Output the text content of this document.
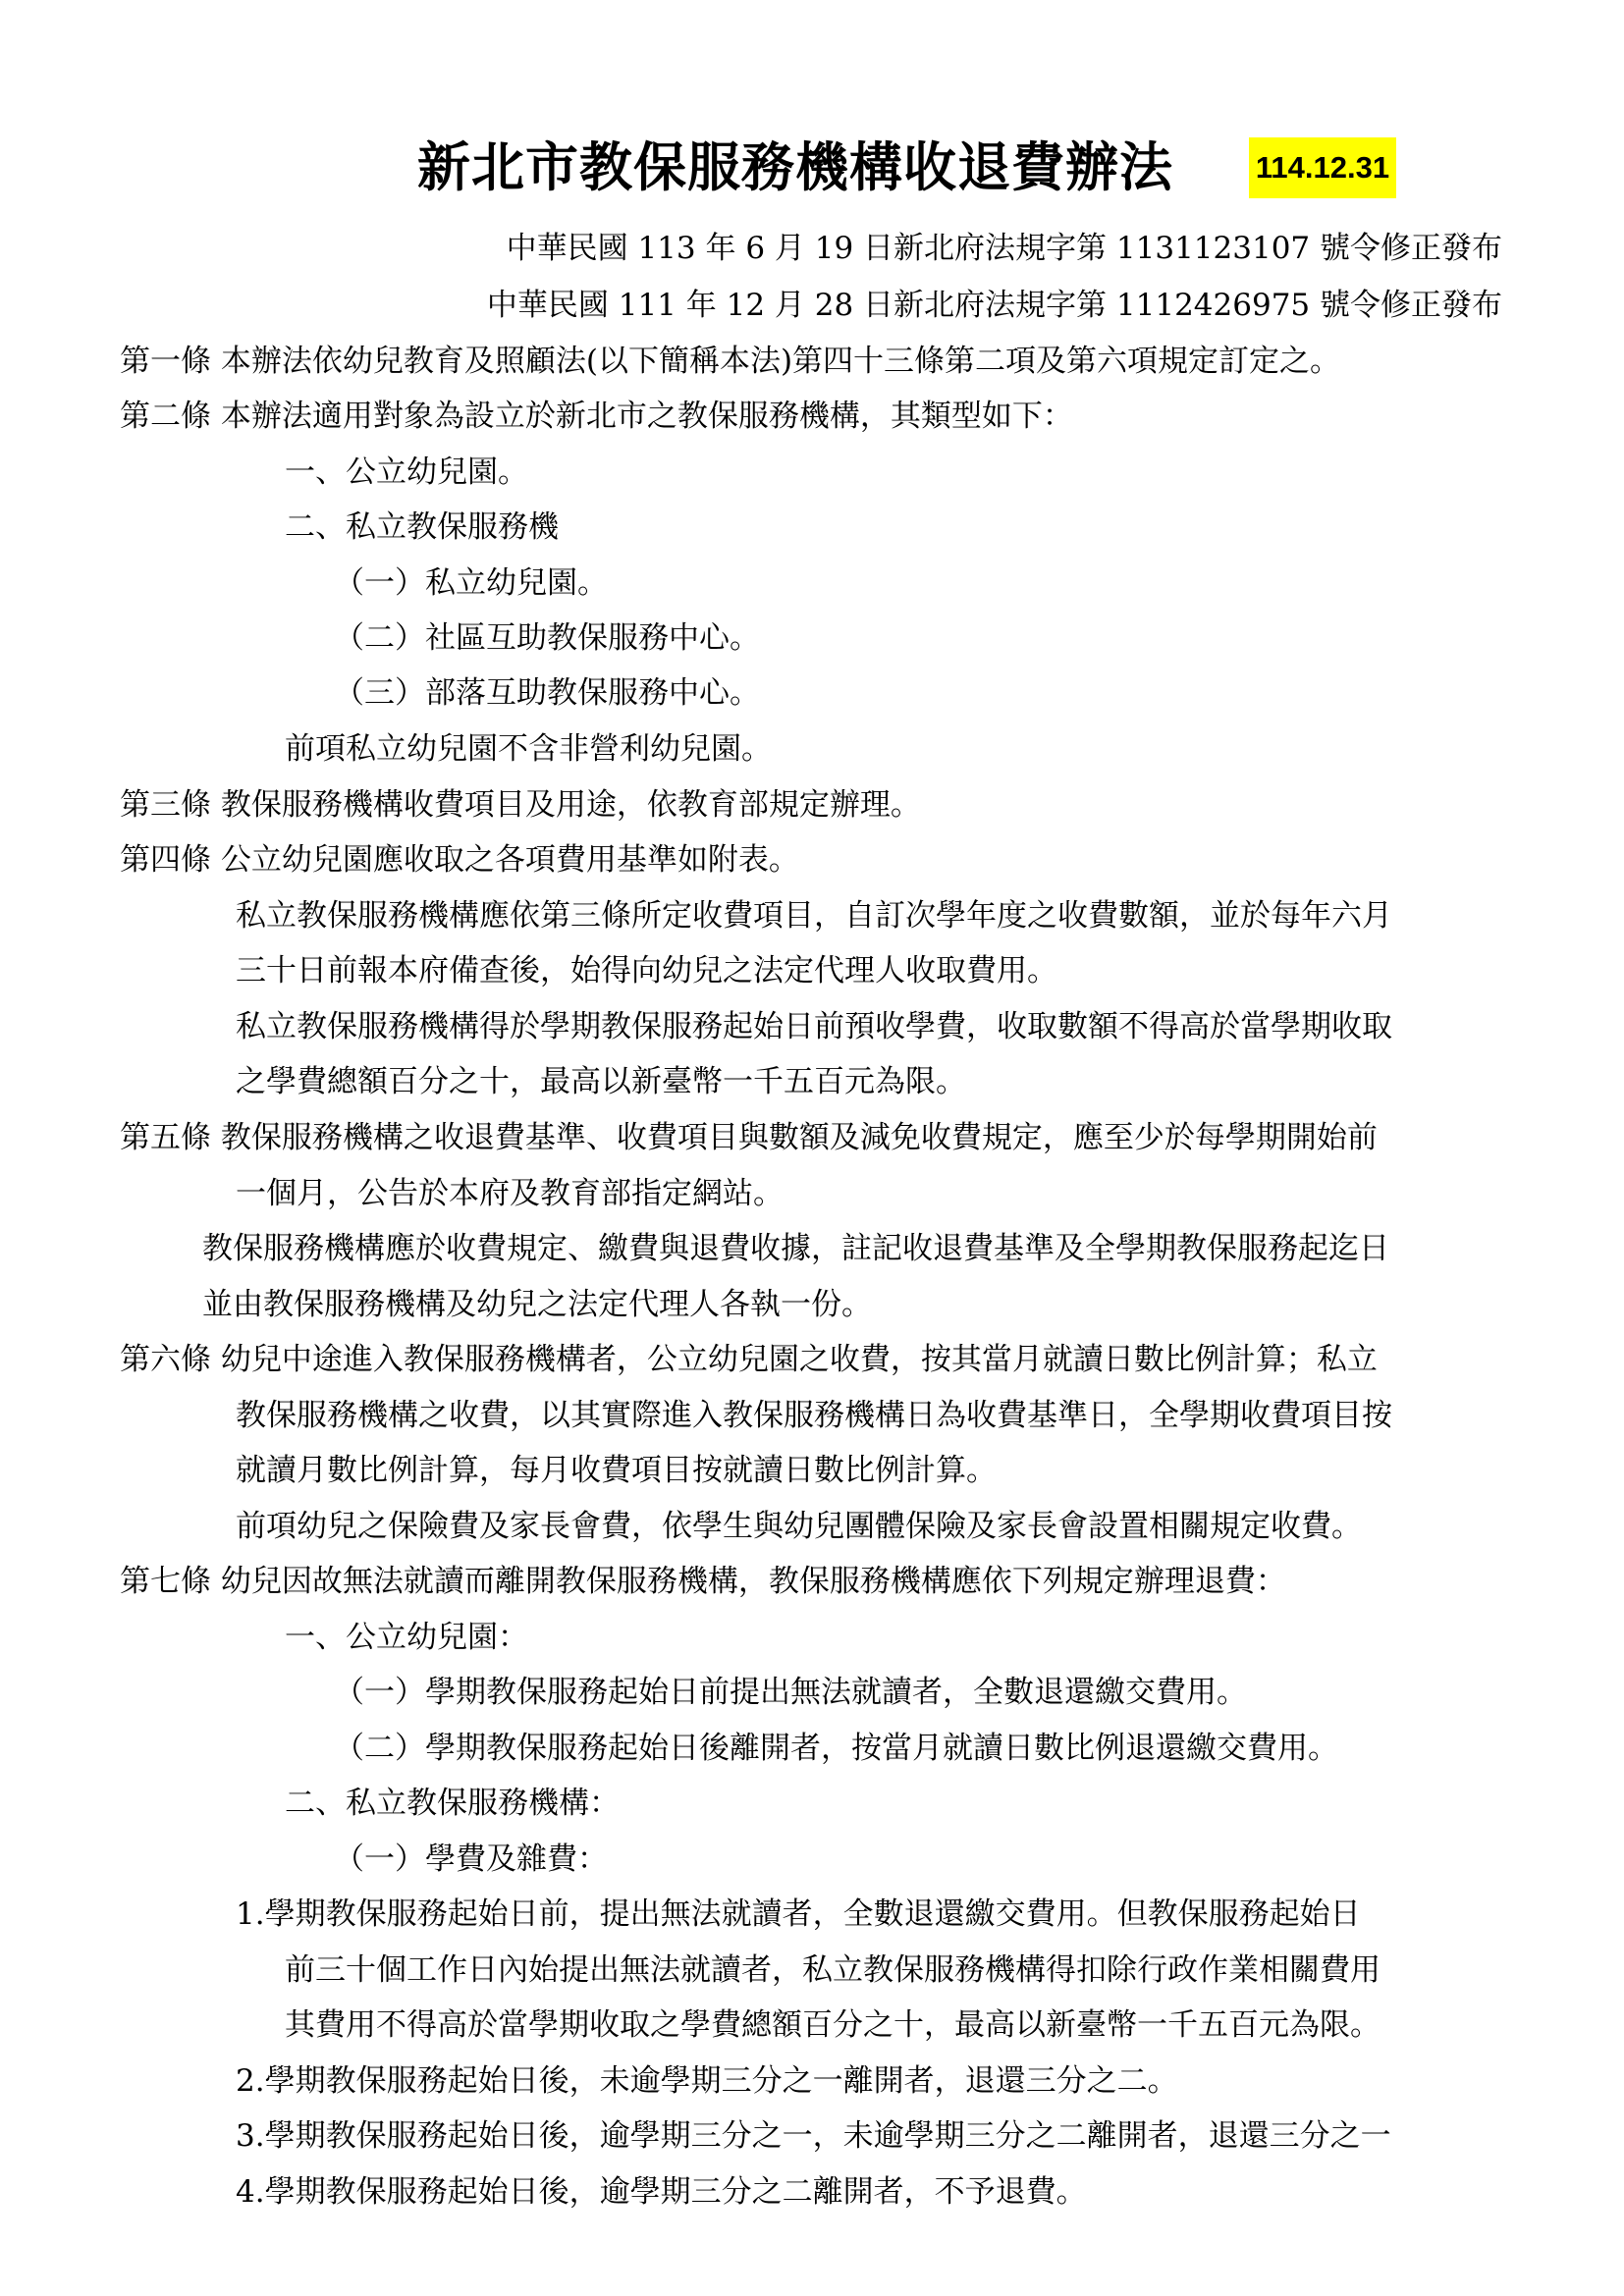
新北市教保服務機構收退費辦法	114.12.31
中華民國 113 年 6 月 19 日新北府法規字第 1131123107 號令修正發布
中華民國 111 年 12 月 28 日新北府法規字第 1112426975 號令修正發布
第一條 本辦法依幼兒教育及照顧法(以下簡稱本法)第四十三條第二項及第六項規定訂定之。
第二條 本辦法適用對象為設立於新北市之教保服務機構，其類型如下：
一、公立幼兒園。
二、私立教保服務機
（一）私立幼兒園。
（二）社區互助教保服務中心。
（三）部落互助教保服務中心。
前項私立幼兒園不含非營利幼兒園。
第三條 教保服務機構收費項目及用途，依教育部規定辦理。
第四條 公立幼兒園應收取之各項費用基準如附表。
私立教保服務機構應依第三條所定收費項目，自訂次學年度之收費數額，並於每年六月
三十日前報本府備查後，始得向幼兒之法定代理人收取費用。
私立教保服務機構得於學期教保服務起始日前預收學費，收取數額不得高於當學期收取
之學費總額百分之十，最高以新臺幣一千五百元為限。
第五條 教保服務機構之收退費基準、收費項目與數額及減免收費規定，應至少於每學期開始前
一個月，公告於本府及教育部指定網站。
教保服務機構應於收費規定、繳費與退費收據，註記收退費基準及全學期教保服務起迄日
並由教保服務機構及幼兒之法定代理人各執一份。
第六條 幼兒中途進入教保服務機構者，公立幼兒園之收費，按其當月就讀日數比例計算；私立
教保服務機構之收費，以其實際進入教保服務機構日為收費基準日，全學期收費項目按
就讀月數比例計算，每月收費項目按就讀日數比例計算。
前項幼兒之保險費及家長會費，依學生與幼兒團體保險及家長會設置相關規定收費。
第七條 幼兒因故無法就讀而離開教保服務機構，教保服務機構應依下列規定辦理退費：
一、公立幼兒園：
（一）學期教保服務起始日前提出無法就讀者，全數退還繳交費用。
（二）學期教保服務起始日後離開者，按當月就讀日數比例退還繳交費用。
二、私立教保服務機構：
（一）學費及雜費：
1.學期教保服務起始日前，提出無法就讀者，全數退還繳交費用。但教保服務起始日
前三十個工作日內始提出無法就讀者，私立教保服務機構得扣除行政作業相關費用
其費用不得高於當學期收取之學費總額百分之十，最高以新臺幣一千五百元為限。
2.學期教保服務起始日後，未逾學期三分之一離開者，退還三分之二。
3.學期教保服務起始日後，逾學期三分之一，未逾學期三分之二離開者，退還三分之一
4.學期教保服務起始日後，逾學期三分之二離開者，不予退費。
